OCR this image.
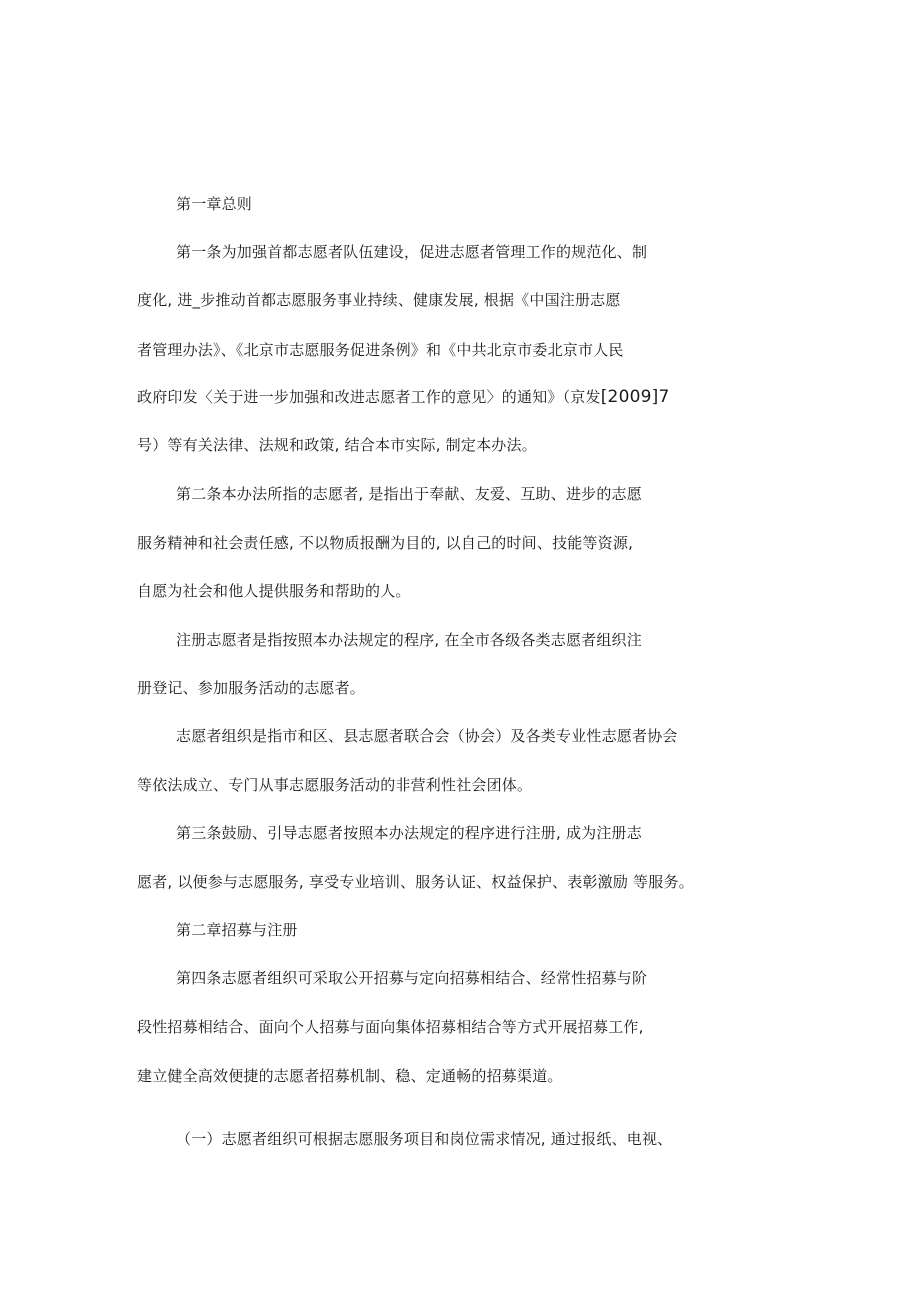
第一章总则
第一条为加强首都志愿者队伍建设，促进志愿者管理工作的规范化、制
度化, 进_步推动首都志愿服务事业持续、健康发展, 根据《中国注册志愿
者管理办法》、《北京市志愿服务促进条例》和《中共北京市委北京市人民
政府印发〈关于进一步加强和改进志愿者工作的意见〉的通知》（京发[2009]7
号）等有关法律、法规和政策, 结合本市实际, 制定本办法。
第二条本办法所指的志愿者, 是指出于奉献、友爱、互助、进步的志愿
服务精神和社会责任感, 不以物质报酬为目的, 以自己的时间、技能等资源,
自愿为社会和他人提供服务和帮助的人。
注册志愿者是指按照本办法规定的程序, 在全市各级各类志愿者组织注
册登记、参加服务活动的志愿者。
志愿者组织是指市和区、县志愿者联合会（协会）及各类专业性志愿者协会
等依法成立、专门从事志愿服务活动的非营利性社会团体。
第三条鼓励、引导志愿者按照本办法规定的程序进行注册, 成为注册志
愿者, 以便参与志愿服务, 享受专业培训、服务认证、权益保护、表彰激励 等服务。
第二章招募与注册
第四条志愿者组织可采取公开招募与定向招募相结合、经常性招募与阶
段性招募相结合、面向个人招募与面向集体招募相结合等方式开展招募工作,
建立健全高效便捷的志愿者招募机制、稳、定通畅的招募渠道。
（一）志愿者组织可根据志愿服务项目和岗位需求情况, 通过报纸、电视、
